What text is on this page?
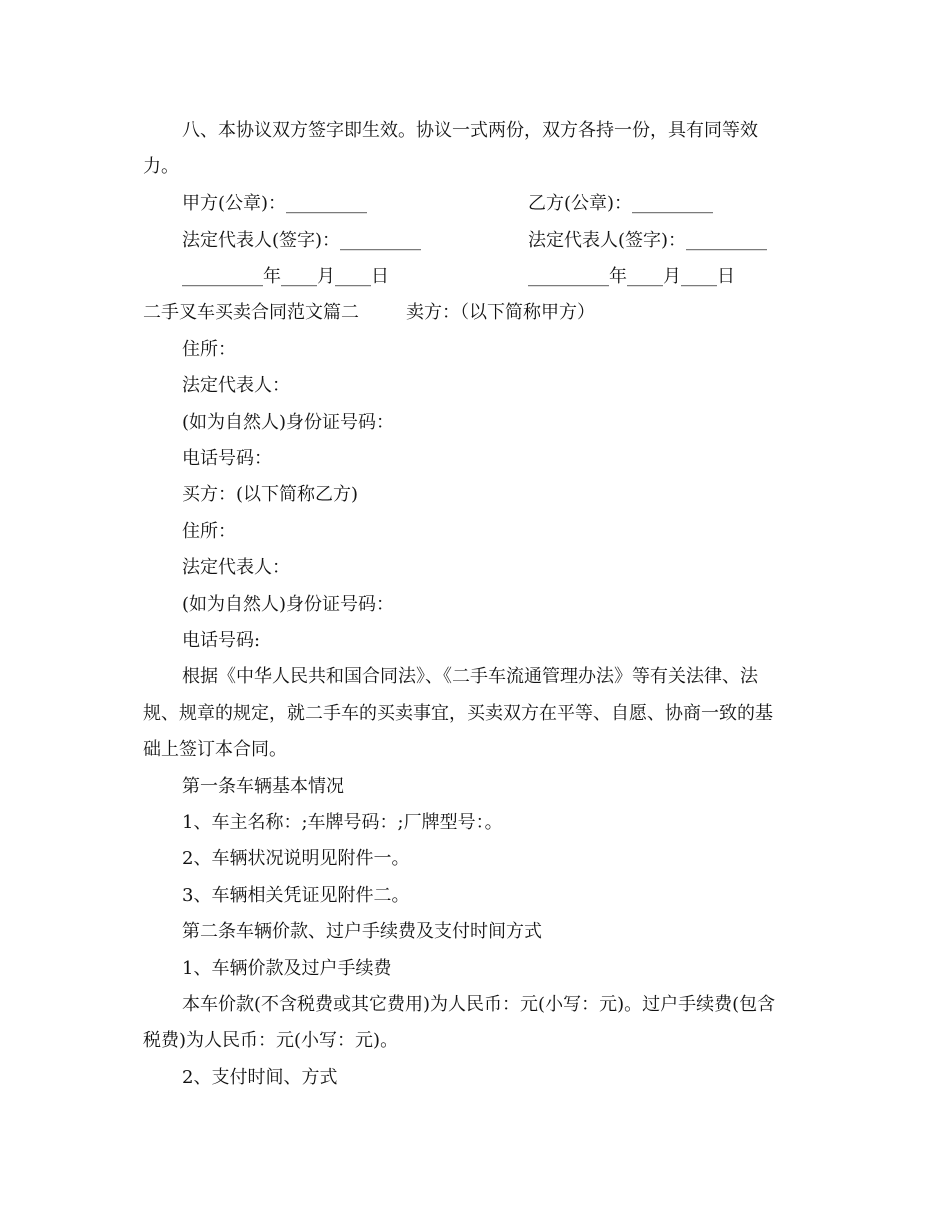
八、本协议双方签字即生效。协议一式两份，双方各持一份，具有同等效
力。
甲方(公章)：_________	乙方(公章)：_________
法定代表人(签字)：_________	法定代表人(签字)：_________
_________年____月____日	_________年____月____日
二手叉车买卖合同范文篇二	卖方：（以下简称甲方）
住所：
法定代表人：
(如为自然人)身份证号码：
电话号码：
买方：(以下简称乙方)
住所：
法定代表人：
(如为自然人)身份证号码：
电话号码:
根据《中华人民共和国合同法》、《二手车流通管理办法》等有关法律、法
规、规章的规定，就二手车的买卖事宜，买卖双方在平等、自愿、协商一致的基
础上签订本合同。
第一条车辆基本情况
1、车主名称：;车牌号码：;厂牌型号：。
2、车辆状况说明见附件一。
3、车辆相关凭证见附件二。
第二条车辆价款、过户手续费及支付时间方式
1、车辆价款及过户手续费
本车价款(不含税费或其它费用)为人民币：元(小写：元)。过户手续费(包含
税费)为人民币：元(小写：元)。
2、支付时间、方式
